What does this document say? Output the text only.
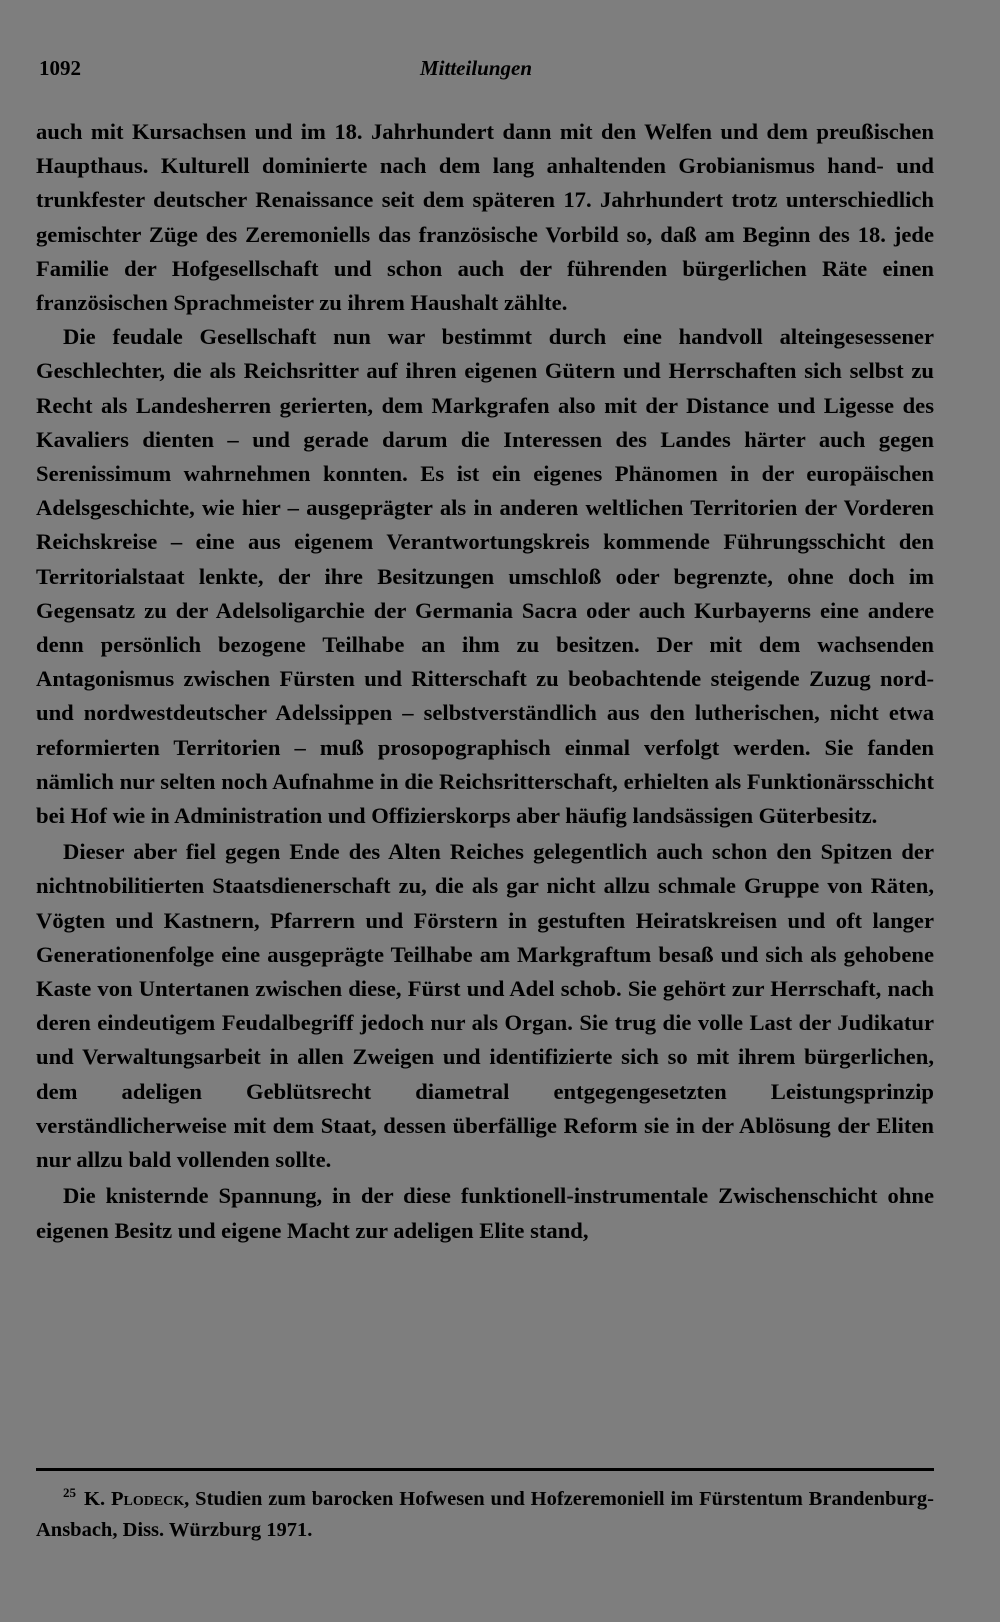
1092	Mitteilungen

auch mit Kursachsen und im 18. Jahrhundert dann mit den Welfen und dem preußischen Haupthaus. Kulturell dominierte nach dem lang anhaltenden Grobianismus hand- und trunkfester deutscher Renaissance seit dem späteren 17. Jahrhundert trotz unterschiedlich gemischter Züge des Zeremoniells das französische Vorbild so, daß am Beginn des 18. jede Familie der Hofgesellschaft und schon auch der führenden bürgerlichen Räte einen französischen Sprachmeister zu ihrem Haushalt zählte.

Die feudale Gesellschaft nun war bestimmt durch eine handvoll alteingesessener Geschlechter, die als Reichsritter auf ihren eigenen Gütern und Herrschaften sich selbst zu Recht als Landesherren gerierten, dem Markgrafen also mit der Distance und Ligesse des Kavaliers dienten – und gerade darum die Interessen des Landes härter auch gegen Serenissimum wahrnehmen konnten. Es ist ein eigenes Phänomen in der europäischen Adelsgeschichte, wie hier – ausgeprägter als in anderen weltlichen Territorien der Vorderen Reichskreise – eine aus eigenem Verantwortungskreis kommende Führungsschicht den Territorialstaat lenkte, der ihre Besitzungen umschloß oder begrenzte, ohne doch im Gegensatz zu der Adelsoligarchie der Germania Sacra oder auch Kurbayerns eine andere denn persönlich bezogene Teilhabe an ihm zu besitzen. Der mit dem wachsenden Antagonismus zwischen Fürsten und Ritterschaft zu beobachtende steigende Zuzug nord- und nordwestdeutscher Adelssippen – selbstverständlich aus den lutherischen, nicht etwa reformierten Territorien – muß prosopographisch einmal verfolgt werden. Sie fanden nämlich nur selten noch Aufnahme in die Reichsritterschaft, erhielten als Funktionärsschicht bei Hof wie in Administration und Offizierskorps aber häufig landsässigen Güterbesitz.

Dieser aber fiel gegen Ende des Alten Reiches gelegentlich auch schon den Spitzen der nichtnobilitierten Staatsdienerschaft zu, die als gar nicht allzu schmale Gruppe von Räten, Vögten und Kastnern, Pfarrern und Förstern in gestuften Heiratskreisen und oft langer Generationenfolge eine ausgeprägte Teilhabe am Markgraftum besaß und sich als gehobene Kaste von Untertanen zwischen diese, Fürst und Adel schob. Sie gehört zur Herrschaft, nach deren eindeutigem Feudalbegriff jedoch nur als Organ. Sie trug die volle Last der Judikatur und Verwaltungsarbeit in allen Zweigen und identifizierte sich so mit ihrem bürgerlichen, dem adeligen Geblütsrecht diametral entgegengesetzten Leistungsprinzip verständlicherweise mit dem Staat, dessen überfällige Reform sie in der Ablösung der Eliten nur allzu bald vollenden sollte.

Die knisternde Spannung, in der diese funktionell-instrumentale Zwischenschicht ohne eigenen Besitz und eigene Macht zur adeligen Elite stand,

$^{25}$ K. Plodeck, Studien zum barocken Hofwesen und Hofzeremoniell im Fürstentum Brandenburg-Ansbach, Diss. Würzburg 1971.
